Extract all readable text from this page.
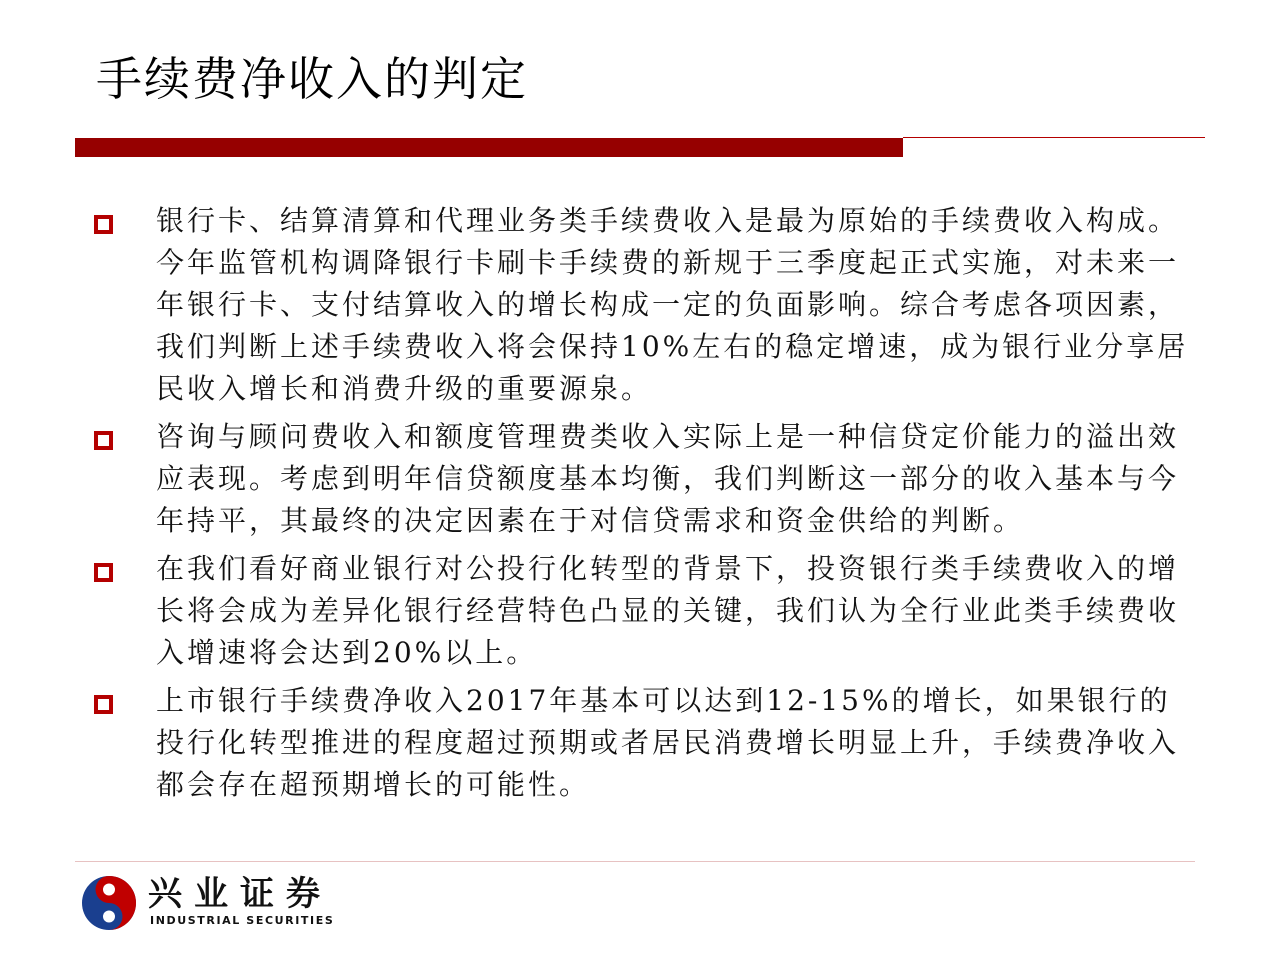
手续费净收入的判定
银行卡、结算清算和代理业务类手续费收入是最为原始的手续费收入构成。今年监管机构调降银行卡刷卡手续费的新规于三季度起正式实施，对未来一年银行卡、支付结算收入的增长构成一定的负面影响。综合考虑各项因素，我们判断上述手续费收入将会保持10%左右的稳定增速，成为银行业分享居民收入增长和消费升级的重要源泉。
咨询与顾问费收入和额度管理费类收入实际上是一种信贷定价能力的溢出效应表现。考虑到明年信贷额度基本均衡，我们判断这一部分的收入基本与今年持平，其最终的决定因素在于对信贷需求和资金供给的判断。
在我们看好商业银行对公投行化转型的背景下，投资银行类手续费收入的增长将会成为差异化银行经营特色凸显的关键，我们认为全行业此类手续费收入增速将会达到20%以上。
上市银行手续费净收入2017年基本可以达到12-15%的增长，如果银行的投行化转型推进的程度超过预期或者居民消费增长明显上升，手续费净收入都会存在超预期增长的可能性。
兴业证券
INDUSTRIAL SECURITIES
